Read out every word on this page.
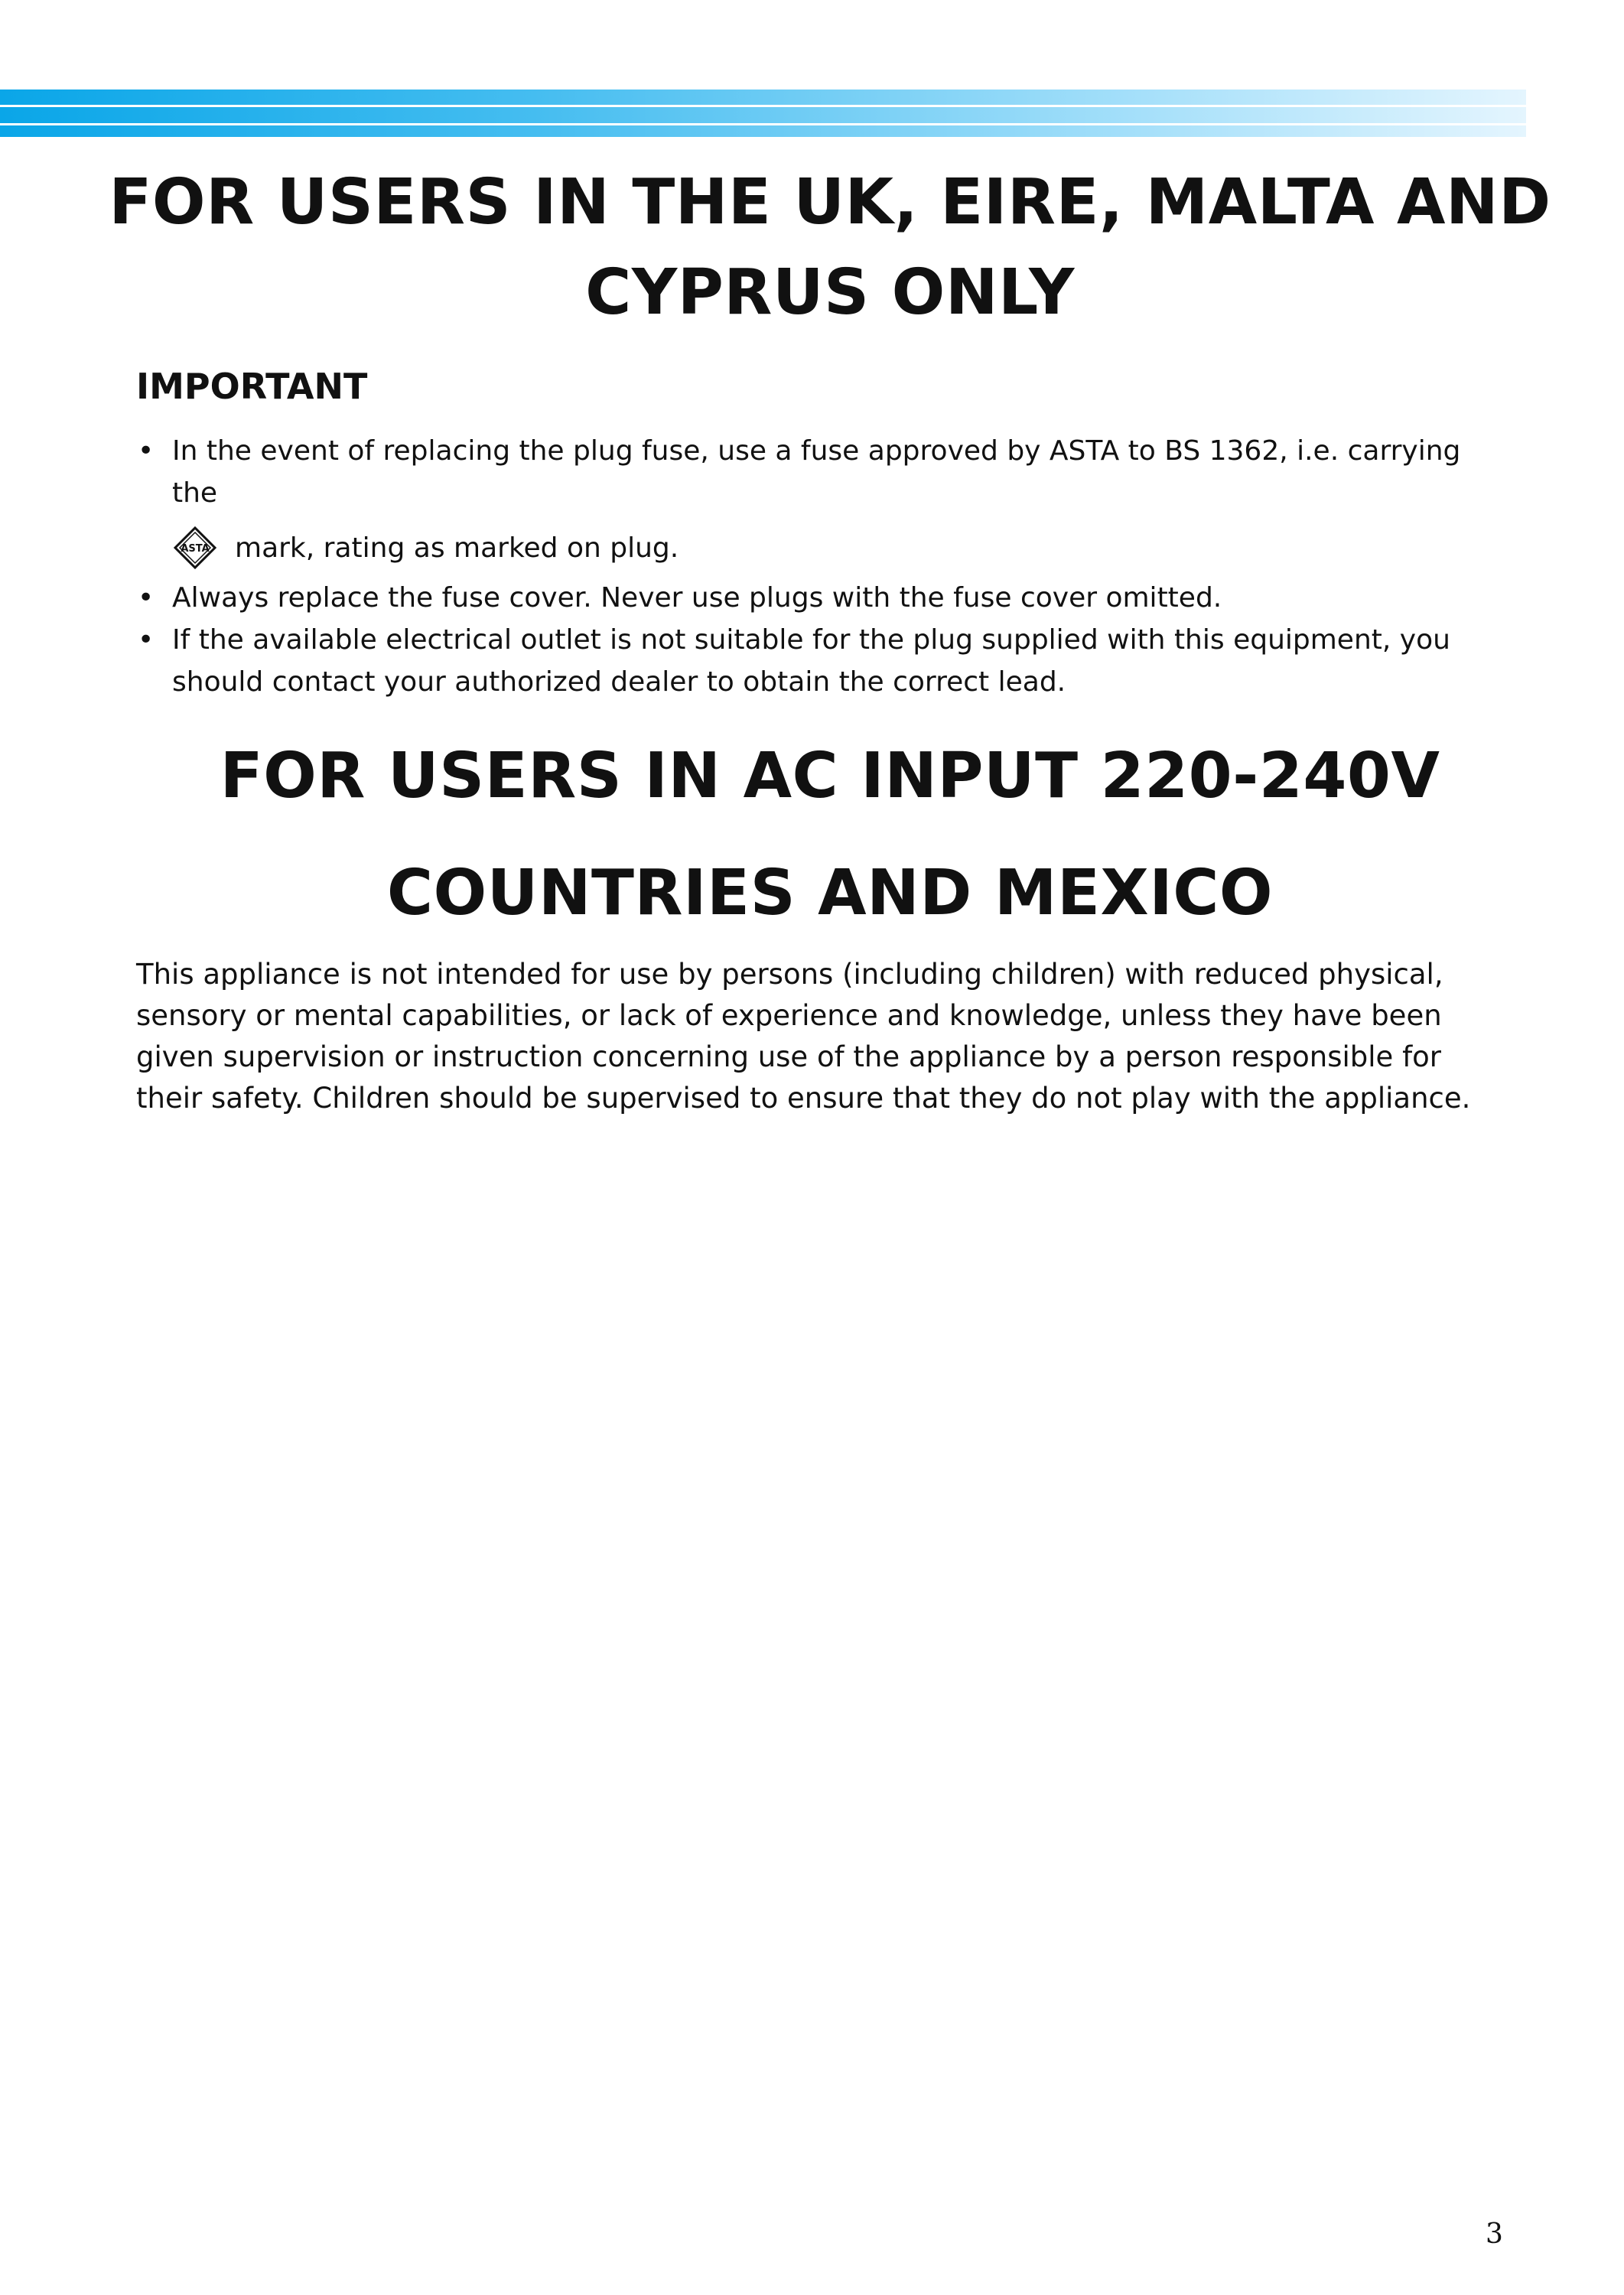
FOR USERS IN THE UK, EIRE, MALTA AND
CYPRUS ONLY
IMPORTANT
• In the event of replacing the plug fuse, use a fuse approved by ASTA to BS 1362, i.e. carrying the
ASTA mark, rating as marked on plug.
• Always replace the fuse cover. Never use plugs with the fuse cover omitted.
• If the available electrical outlet is not suitable for the plug supplied with this equipment, you should contact your authorized dealer to obtain the correct lead.
FOR USERS IN AC INPUT 220-240V
COUNTRIES AND MEXICO
This appliance is not intended for use by persons (including children) with reduced physical, sensory or mental capabilities, or lack of experience and knowledge, unless they have been given supervision or instruction concerning use of the appliance by a person responsible for their safety. Children should be supervised to ensure that they do not play with the appliance.
3
